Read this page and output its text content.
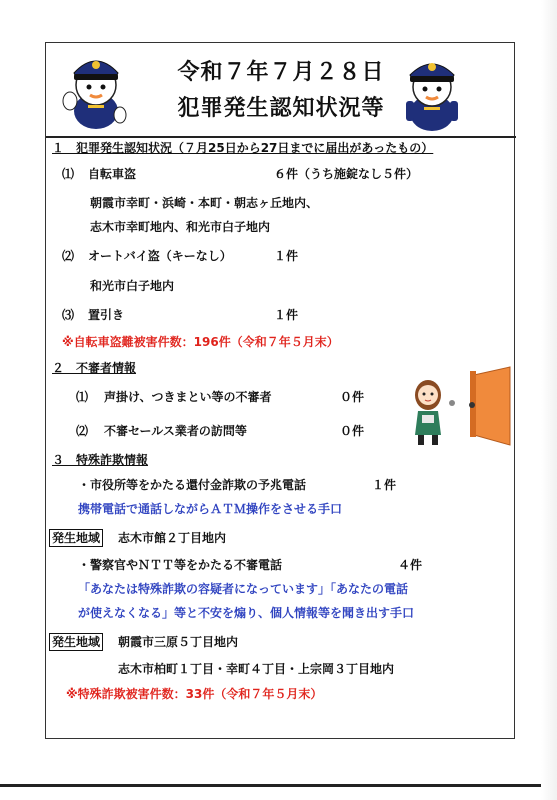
令和７年７月２８日
犯罪発生認知状況等
１　犯罪発生認知状況（７月25日から27日までに届出があったもの）
⑴ 自転車盗	６件（うち施錠なし５件）
朝霞市幸町・浜崎・本町・朝志ヶ丘地内、
志木市幸町地内、和光市白子地内
⑵ オートバイ盗（キーなし）	１件
和光市白子地内
⑶ 置引き	１件
※自転車盗難被害件数：196件（令和７年５月末）
２　不審者情報
⑴ 声掛け、つきまとい等の不審者	０件
⑵ 不審セールス業者の訪問等	０件
３　特殊詐欺情報
・市役所等をかたる還付金詐欺の予兆電話	１件
携帯電話で通話しながらＡＴＭ操作をさせる手口
発生地域 志木市館２丁目地内
・警察官やＮＴＴ等をかたる不審電話	４件
「あなたは特殊詐欺の容疑者になっています」「あなたの電話
が使えなくなる」等と不安を煽り、個人情報等を聞き出す手口
発生地域 朝霞市三原５丁目地内
志木市柏町１丁目・幸町４丁目・上宗岡３丁目地内
※特殊詐欺被害件数：33件（令和７年５月末）
